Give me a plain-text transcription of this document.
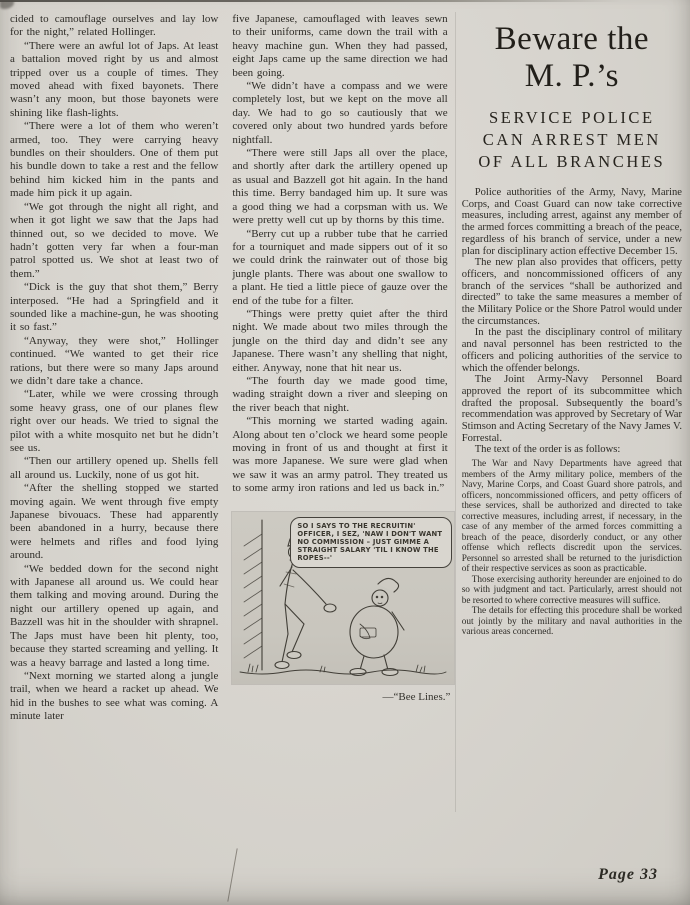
cided to camouflage ourselves and lay low for the night,” related Hollinger.

“There were an awful lot of Japs. At least a battalion moved right by us and almost tripped over us a couple of times. They moved ahead with fixed bayonets. There wasn’t any moon, but those bayonets were shining like flash-lights.

“There were a lot of them who weren’t armed, too. They were carrying heavy bundles on their shoulders. One of them put his bundle down to take a rest and the fellow behind him kicked him in the pants and made him pick it up again.

“We got through the night all right, and when it got light we saw that the Japs had thinned out, so we decided to move. We hadn’t gotten very far when a four-man patrol spotted us. We shot at least two of them.”

“Dick is the guy that shot them,” Berry interposed. “He had a Springfield and it sounded like a machine-gun, he was shooting it so fast.”

“Anyway, they were shot,” Hollinger continued. “We wanted to get their rice rations, but there were so many Japs around we didn’t dare take a chance.

“Later, while we were crossing through some heavy grass, one of our planes flew right over our heads. We tried to signal the pilot with a white mosquito net but he didn’t see us.

“Then our artillery opened up. Shells fell all around us. Luckily, none of us got hit.

“After the shelling stopped we started moving again. We went through five empty Japanese bivouacs. These had apparently been abandoned in a hurry, because there were helmets and rifles and food lying around.

“We bedded down for the second night with Japanese all around us. We could hear them talking and moving around. During the night our artillery opened up again, and Bazzell was hit in the shoulder with shrapnel. The Japs must have been hit plenty, too, because they started screaming and yelling. It was a heavy barrage and lasted a long time.

“Next morning we started along a jungle trail, when we heard a racket up ahead. We hid in the bushes to see what was coming. A minute later

five Japanese, camouflaged with leaves sewn to their uniforms, came down the trail with a heavy machine gun. When they had passed, eight Japs came up the same direction we had been going.

“We didn’t have a compass and we were completely lost, but we kept on the move all day. We had to go so cautiously that we covered only about two hundred yards before nightfall.

“There were still Japs all over the place, and shortly after dark the artillery opened up as usual and Bazzell got hit again. In the hand this time. Berry bandaged him up. It sure was a good thing we had a corpsman with us. We were pretty well cut up by thorns by this time.

“Berry cut up a rubber tube that he carried for a tourniquet and made sippers out of it so we could drink the rainwater out of those big jungle plants. There was about one swallow to a plant. He tied a little piece of gauze over the end of the tube for a filter.

“Things were pretty quiet after the third night. We made about two miles through the jungle on the third day and didn’t see any Japanese. There wasn’t any shelling that night, either. Anyway, none that hit near us.

“The fourth day we made good time, wading straight down a river and sleeping on the river beach that night.

“This morning we started wading again. Along about ten o’clock we heard some people moving in front of us and thought at first it was more Japanese. We sure were glad when we saw it was an army patrol. They treated us to some army iron rations and led us back in.”

SO I SAYS TO THE RECRUITIN' OFFICER, I SEZ, 'NAW I DON'T WANT NO COMMISSION – JUST GIMME A STRAIGHT SALARY 'TIL I KNOW THE ROPES--'
—“Bee Lines.”
Beware the
M. P.’s
SERVICE POLICE
CAN ARREST MEN
OF ALL BRANCHES

Police authorities of the Army, Navy, Marine Corps, and Coast Guard can now take corrective measures, including arrest, against any member of the armed forces committing a breach of the peace, regardless of his branch of service, under a new plan for disciplinary action effective December 15.

The new plan also provides that officers, petty officers, and noncommissioned officers of any branch of the services “shall be authorized and directed” to take the same measures a member of the Military Police or the Shore Patrol would under the circumstances.

In the past the disciplinary control of military and naval personnel has been restricted to the officers and policing authorities of the service to which the offender belongs.

The Joint Army-Navy Personnel Board approved the report of its subcommittee which drafted the proposal. Subsequently the board’s recommendation was approved by Secretary of War Stimson and Acting Secretary of the Navy James V. Forrestal.

The text of the order is as follows:

The War and Navy Departments have agreed that members of the Army military police, members of the Navy, Marine Corps, and Coast Guard shore patrols, and officers, noncommissioned officers, and petty officers of these services, shall be authorized and directed to take corrective measures, including arrest, if necessary, in the case of any member of the armed forces committing a breach of the peace, disorderly conduct, or any other offense which reflects discredit upon the services. Personnel so arrested shall be returned to the jurisdiction of their respective services as soon as practicable.

Those exercising authority hereunder are enjoined to do so with judgment and tact. Particularly, arrest should not be resorted to where corrective measures will suffice.

The details for effecting this procedure shall be worked out jointly by the military and naval authorities in the various areas concerned.

Page 33
